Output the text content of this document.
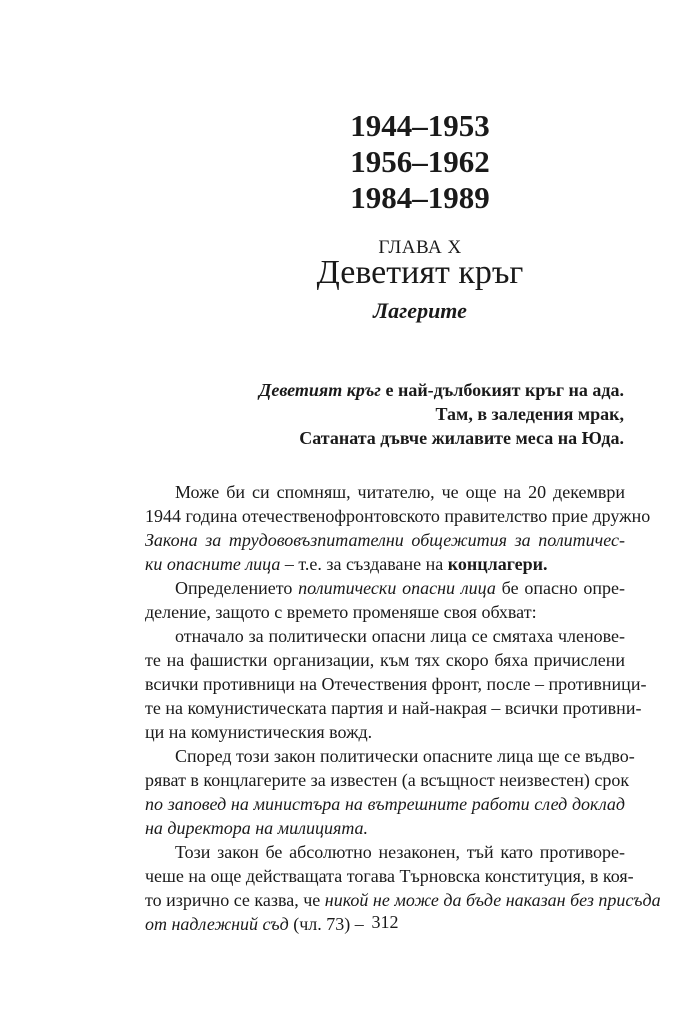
1944–1953
1956–1962
1984–1989
ГЛАВА X
Деветият кръг
Лагерите
Деветият кръг е най-дълбокият кръг на ада.
Там, в заледения мрак,
Сатаната дъвче жилавите меса на Юда.
Може би си спомняш, читателю, че още на 20 декември
1944 година отечественофронтовското правителство прие дружно
Закона за трудововъзпитателни общежития за политичес-
ки опасните лица – т.е. за създаване на концлагери.
Определението политически опасни лица бе опасно опре-
деление, защото с времето променяше своя обхват:
отначало за политически опасни лица се смятаха членове-
те на фашистки организации, към тях скоро бяха причислени
всички противници на Отечествения фронт, после – противници-
те на комунистическата партия и най-накрая – всички противни-
ци на комунистическия вожд.
Според този закон политически опасните лица ще се въдво-
ряват в концлагерите за известен (а всъщност неизвестен) срок
по заповед на министъра на вътрешните работи след доклад
на директора на милицията.
Този закон бе абсолютно незаконен, тъй като противоре-
чеше на още действащата тогава Търновска конституция, в коя-
то изрично се казва, че никой не може да бъде наказан без присъда
от надлежний съд (чл. 73) – 312
